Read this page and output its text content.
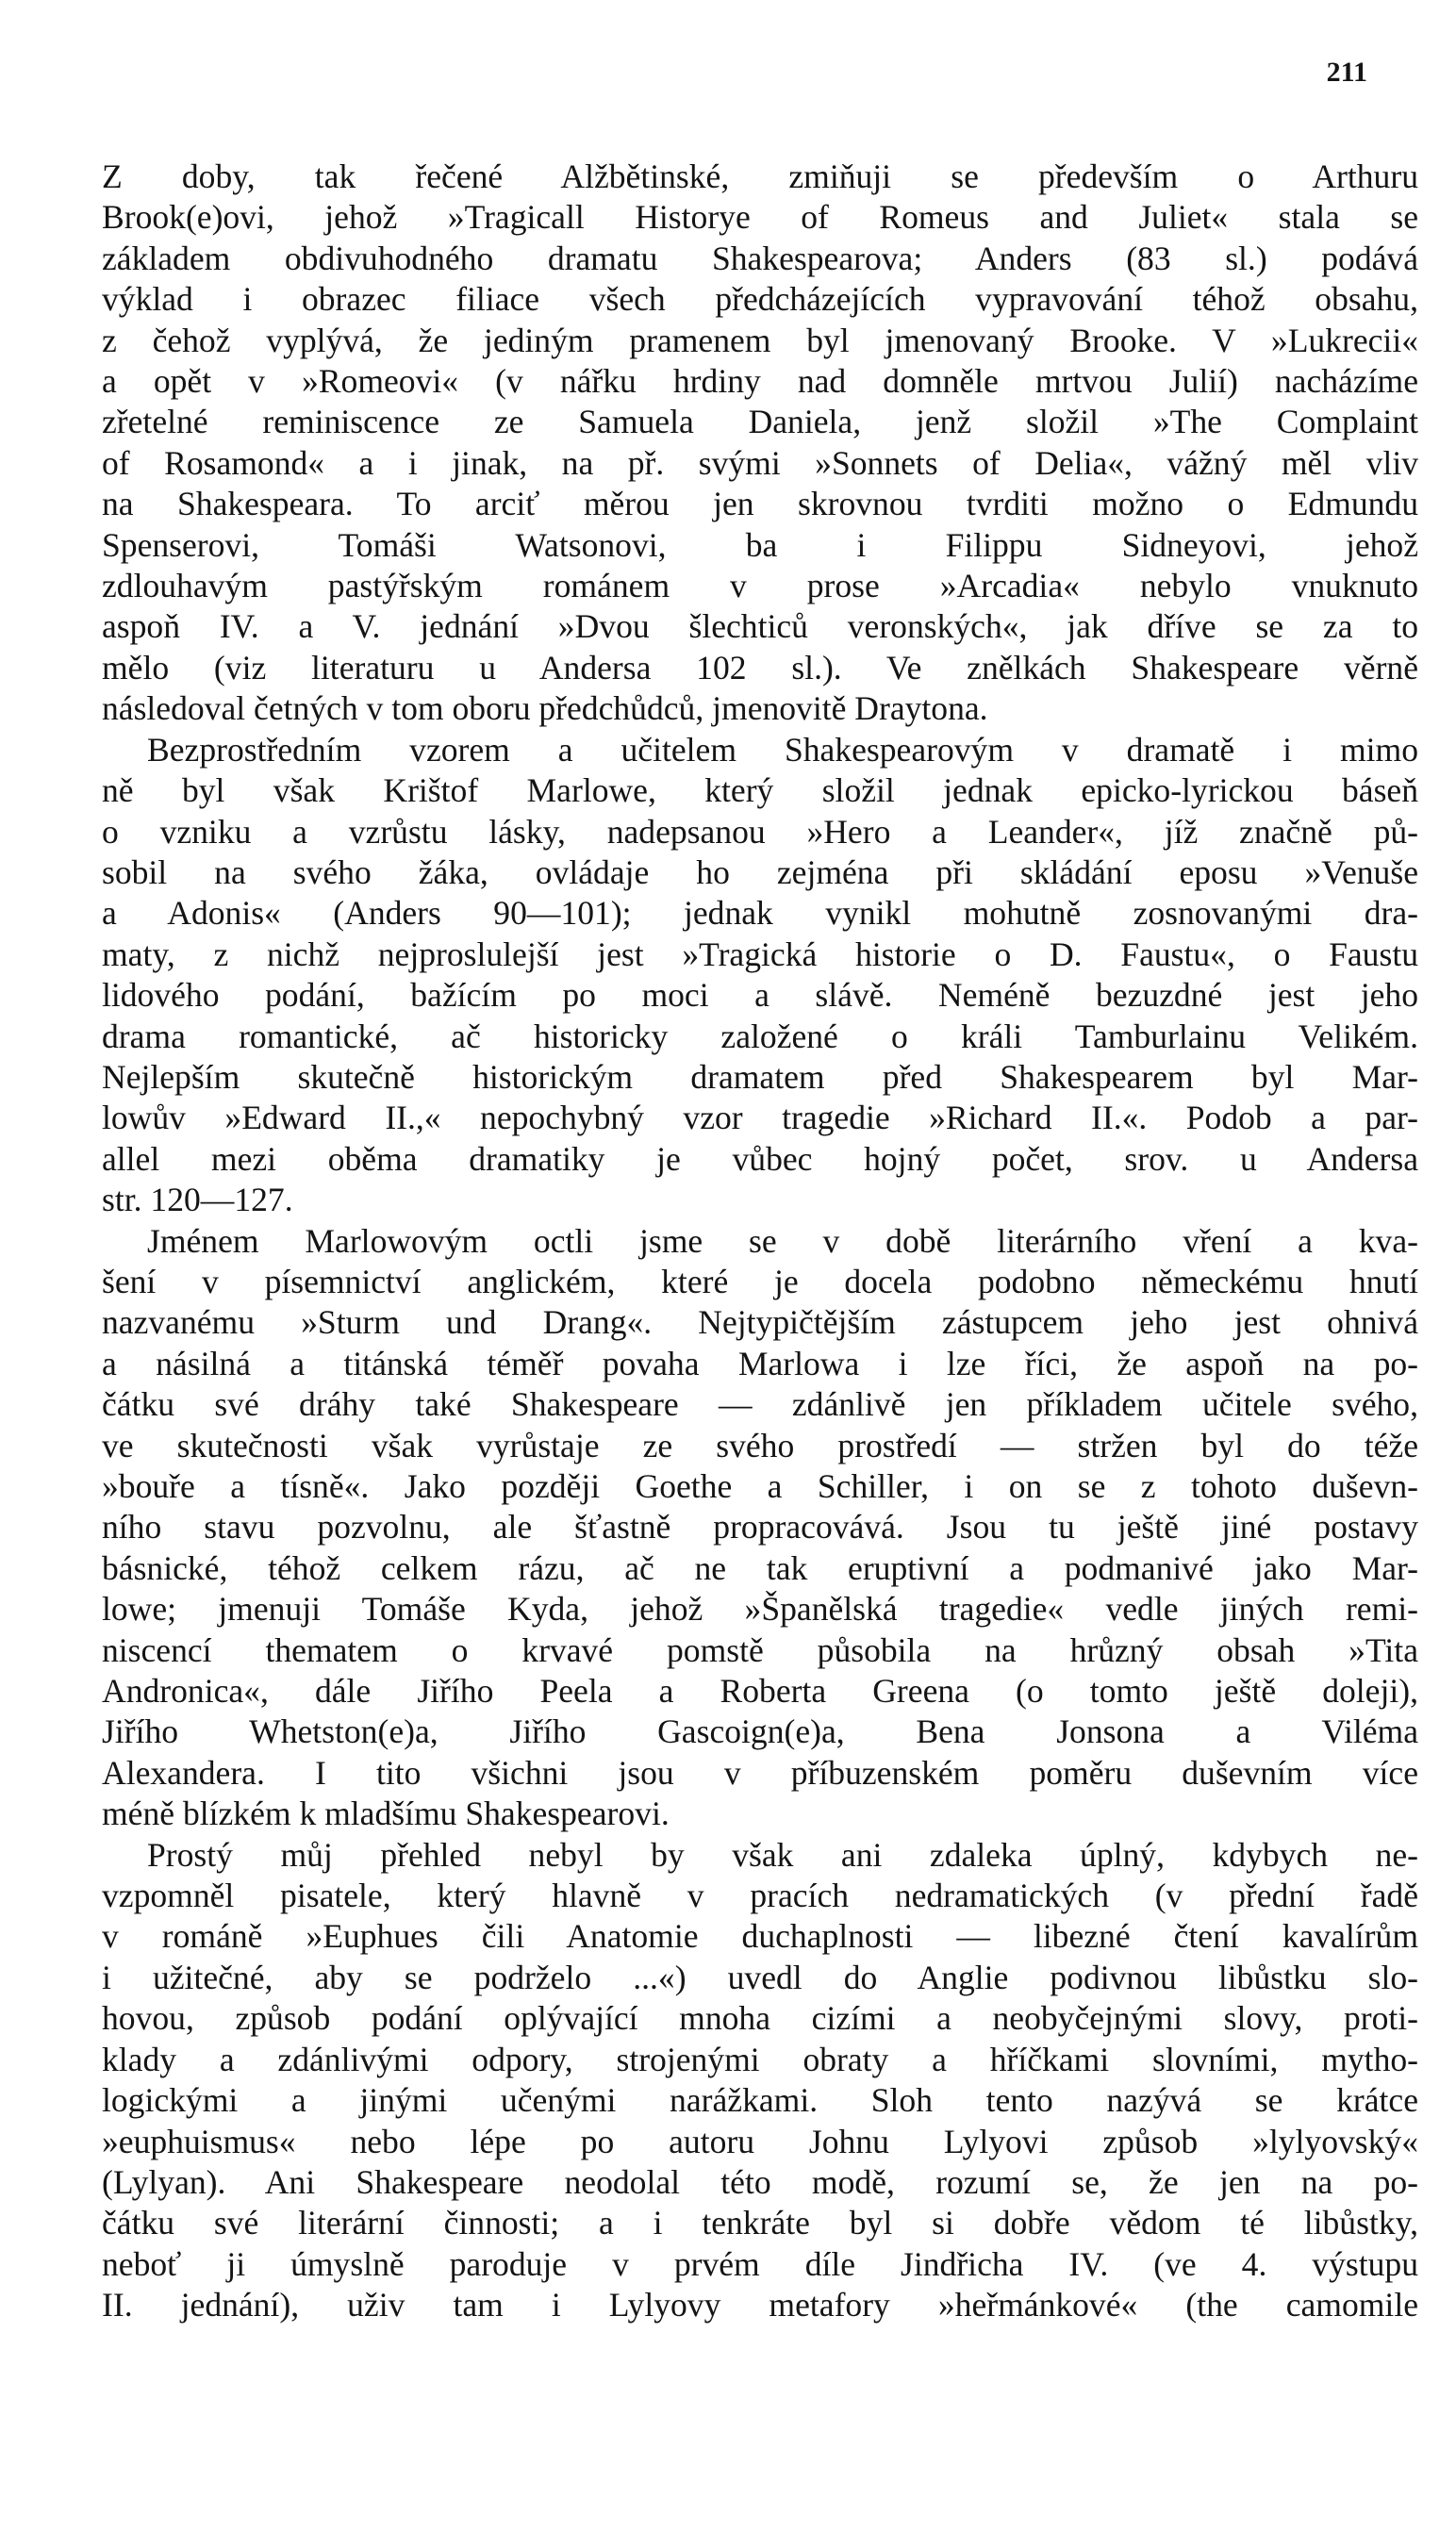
211

Z doby, tak řečené Alžbětinské, zmiňuji se především o Arthuru
Brook(e)ovi, jehož »Tragicall Historye of Romeus and Juliet« stala se
základem obdivuhodného dramatu Shakespearova; Anders (83 sl.) podává
výklad i obrazec filiace všech předcházejících vypravování téhož obsahu,
z čehož vyplývá, že jediným pramenem byl jmenovaný Brooke. V »Lukrecii«
a opět v »Romeovi« (v nářku hrdiny nad domněle mrtvou Julií) nacházíme
zřetelné reminiscence ze Samuela Daniela, jenž složil »The Complaint
of Rosamond« a i jinak, na př. svými »Sonnets of Delia«, vážný měl vliv
na Shakespeara. To arciť měrou jen skrovnou tvrditi možno o Edmundu
Spenserovi, Tomáši Watsonovi, ba i Filippu Sidneyovi, jehož
zdlouhavým pastýřským románem v prose »Arcadia« nebylo vnuknuto
aspoň IV. a V. jednání »Dvou šlechticů veronských«, jak dříve se za to
mělo (viz literaturu u Andersa 102 sl.). Ve znělkách Shakespeare věrně
následoval četných v tom oboru předchůdců, jmenovitě Draytona.

Bezprostředním vzorem a učitelem Shakespearovým v dramatě i mimo
ně byl však Krištof Marlowe, který složil jednak epicko-lyrickou báseň
o vzniku a vzrůstu lásky, nadepsanou »Hero a Leander«, jíž značně pů-
sobil na svého žáka, ovládaje ho zejména při skládání eposu »Venuše
a Adonis« (Anders 90—101); jednak vynikl mohutně zosnovanými dra-
maty, z nichž nejproslulejší jest »Tragická historie o D. Faustu«, o Faustu
lidového podání, bažícím po moci a slávě. Neméně bezuzdné jest jeho
drama romantické, ač historicky založené o králi Tamburlainu Velikém.
Nejlepším skutečně historickým dramatem před Shakespearem byl Mar-
lowův »Edward II.,« nepochybný vzor tragedie »Richard II.«. Podob a par-
allel mezi oběma dramatiky je vůbec hojný počet, srov. u Andersa
str. 120—127.

Jménem Marlowovým octli jsme se v době literárního vření a kva-
šení v písemnictví anglickém, které je docela podobno německému hnutí
nazvanému »Sturm und Drang«. Nejtypičtějším zástupcem jeho jest ohnivá
a násilná a titánská téměř povaha Marlowa i lze říci, že aspoň na po-
čátku své dráhy také Shakespeare — zdánlivě jen příkladem učitele svého,
ve skutečnosti však vyrůstaje ze svého prostředí — stržen byl do téže
»bouře a tísně«. Jako později Goethe a Schiller, i on se z tohoto duševn-
ního stavu pozvolnu, ale šťastně propracovává. Jsou tu ještě jiné postavy
básnické, téhož celkem rázu, ač ne tak eruptivní a podmanivé jako Mar-
lowe; jmenuji Tomáše Kyda, jehož »Španělská tragedie« vedle jiných remi-
niscencí thematem o krvavé pomstě působila na hrůzný obsah »Tita
Andronica«, dále Jiřího Peela a Roberta Greena (o tomto ještě doleji),
Jiřího Whetston(e)a, Jiřího Gascoign(e)a, Bena Jonsona a Viléma
Alexandera. I tito všichni jsou v příbuzenském poměru duševním více
méně blízkém k mladšímu Shakespearovi.

Prostý můj přehled nebyl by však ani zdaleka úplný, kdybych ne-
vzpomněl pisatele, který hlavně v pracích nedramatických (v přední řadě
v románě »Euphues čili Anatomie duchaplnosti — libezné čtení kavalírům
i užitečné, aby se podrželo ...«) uvedl do Anglie podivnou libůstku slo-
hovou, způsob podání oplývající mnoha cizími a neobyčejnými slovy, proti-
klady a zdánlivými odpory, strojenými obraty a hříčkami slovními, mytho-
logickými a jinými učenými narážkami. Sloh tento nazývá se krátce
»euphuismus« nebo lépe po autoru Johnu Lylyovi způsob »lylyovský«
(Lylyan). Ani Shakespeare neodolal této modě, rozumí se, že jen na po-
čátku své literární činnosti; a i tenkráte byl si dobře vědom té libůstky,
neboť ji úmyslně paroduje v prvém díle Jindřicha IV. (ve 4. výstupu
II. jednání), uživ tam i Lylyovy metafory »heřmánkové« (the camomile
